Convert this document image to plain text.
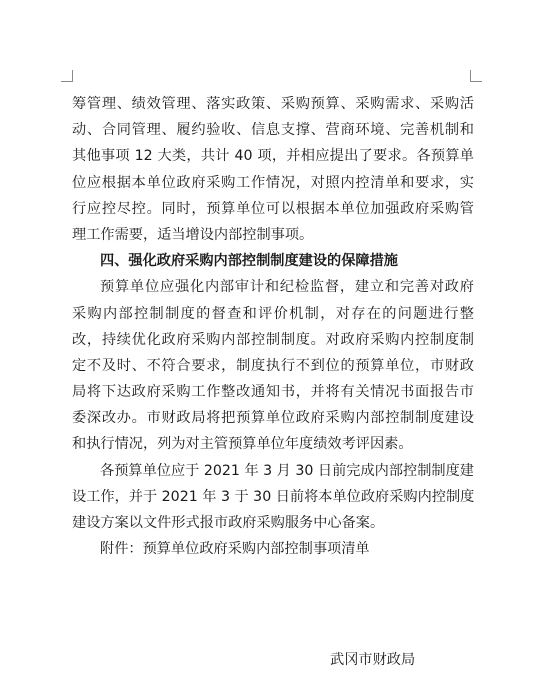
筹管理、绩效管理、落实政策、采购预算、采购需求、采购活
动、合同管理、履约验收、信息支撑、营商环境、完善机制和
其他事项 12 大类，共计 40 项，并相应提出了要求。各预算单
位应根据本单位政府采购工作情况，对照内控清单和要求，实
行应控尽控。同时，预算单位可以根据本单位加强政府采购管
理工作需要，适当增设内部控制事项。
四、强化政府采购内部控制制度建设的保障措施
预算单位应强化内部审计和纪检监督，建立和完善对政府
采购内部控制制度的督查和评价机制，对存在的问题进行整
改，持续优化政府采购内部控制制度。对政府采购内控制度制
定不及时、不符合要求，制度执行不到位的预算单位，市财政
局将下达政府采购工作整改通知书，并将有关情况书面报告市
委深改办。市财政局将把预算单位政府采购内部控制制度建设
和执行情况，列为对主管预算单位年度绩效考评因素。
各预算单位应于 2021 年 3 月 30 日前完成内部控制制度建
设工作，并于 2021 年 3 于 30 日前将本单位政府采购内控制度
建设方案以文件形式报市政府采购服务中心备案。
附件：预算单位政府采购内部控制事项清单
武冈市财政局
